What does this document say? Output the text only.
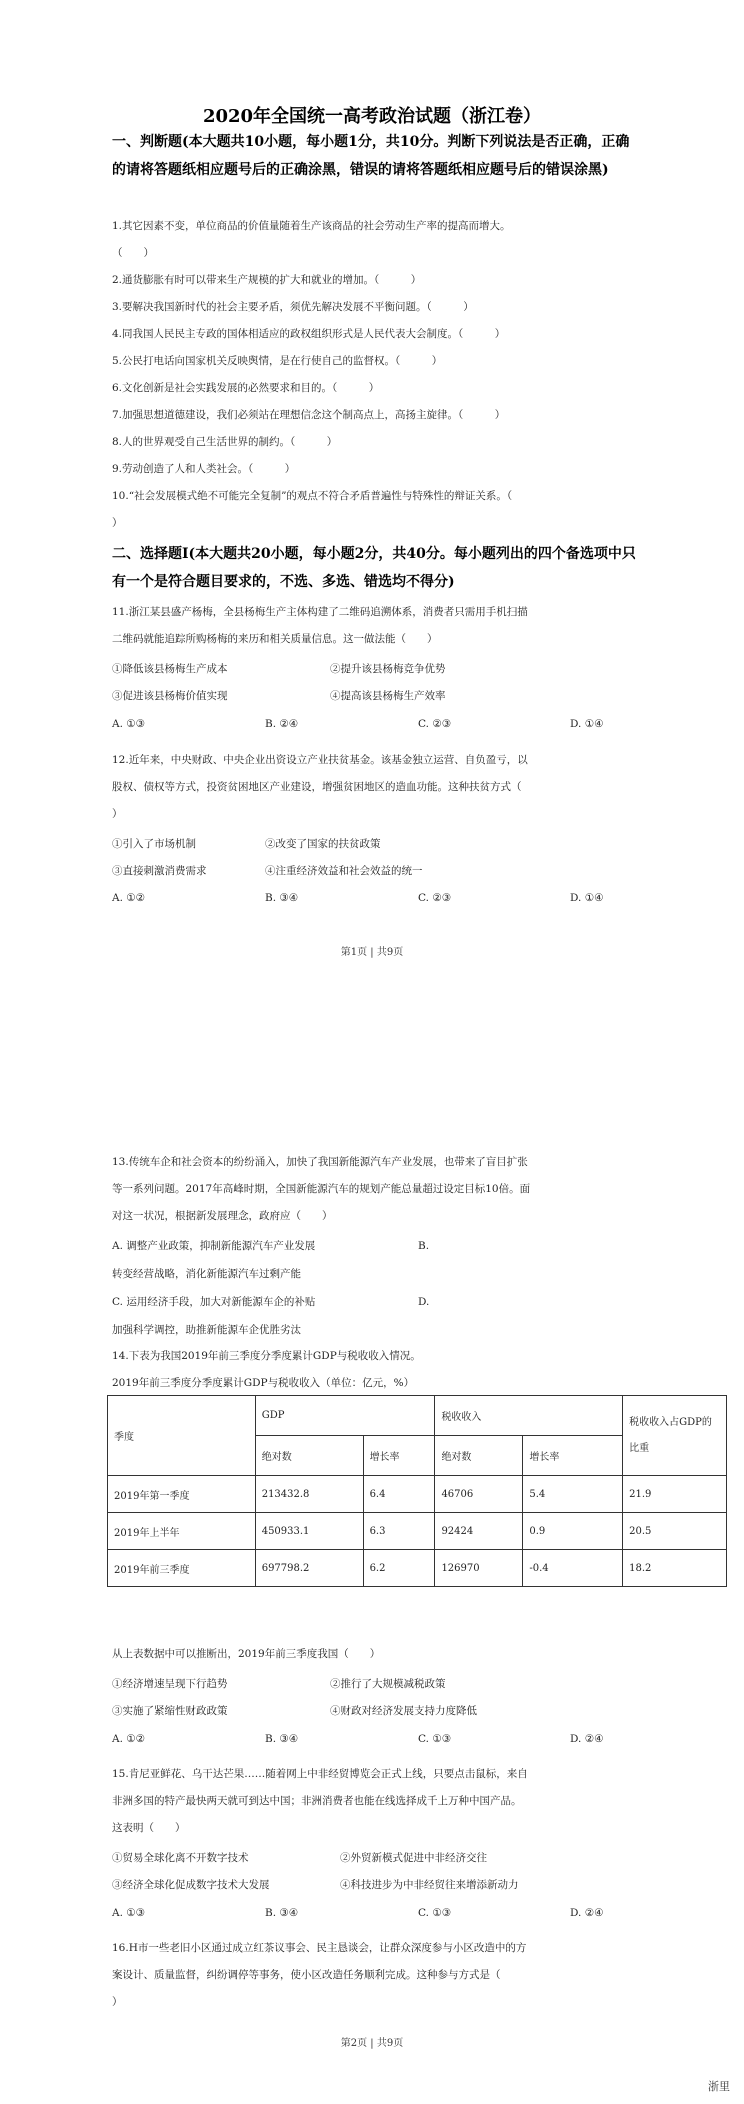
2020年全国统一高考政治试题（浙江卷）
一、判断题(本大题共10小题，每小题1分，共10分。判断下列说法是否正确，正确的请将答题纸相应题号后的正确涂黑，错误的请将答题纸相应题号后的错误涂黑)
1.其它因素不变，单位商品的价值量随着生产该商品的社会劳动生产率的提高而增大。
（　　）
2.通货膨胀有时可以带来生产规模的扩大和就业的增加。（　　　）
3.要解决我国新时代的社会主要矛盾，须优先解决发展不平衡问题。（　　　）
4.同我国人民民主专政的国体相适应的政权组织形式是人民代表大会制度。（　　　）
5.公民打电话向国家机关反映舆情，是在行使自己的监督权。（　　　）
6.文化创新是社会实践发展的必然要求和目的。（　　　）
7.加强思想道德建设，我们必须站在理想信念这个制高点上，高扬主旋律。（　　　）
8.人的世界观受自己生活世界的制约。（　　　）
9.劳动创造了人和人类社会。（　　　）
10.“社会发展模式绝不可能完全复制”的观点不符合矛盾普遍性与特殊性的辩证关系。（
）
二、选择题Ⅰ(本大题共20小题，每小题2分，共40分。每小题列出的四个备选项中只有一个是符合题目要求的，不选、多选、错选均不得分)
11.浙江某县盛产杨梅，全县杨梅生产主体构建了二维码追溯体系，消费者只需用手机扫描
二维码就能追踪所购杨梅的来历和相关质量信息。这一做法能（　　）
①降低该县杨梅生产成本	②提升该县杨梅竞争优势
③促进该县杨梅价值实现	④提高该县杨梅生产效率
A. ①③	B. ②④	C. ②③	D. ①④
12.近年来，中央财政、中央企业出资设立产业扶贫基金。该基金独立运营、自负盈亏，以
股权、债权等方式，投资贫困地区产业建设，增强贫困地区的造血功能。这种扶贫方式（
）
①引入了市场机制	②改变了国家的扶贫政策
③直接刺激消费需求	④注重经济效益和社会效益的统一
A. ①②	B. ③④	C. ②③	D. ①④
第1页 | 共9页
13.传统车企和社会资本的纷纷涌入，加快了我国新能源汽车产业发展，也带来了盲目扩张
等一系列问题。2017年高峰时期，全国新能源汽车的规划产能总量超过设定目标10倍。面
对这一状况，根据新发展理念，政府应（　　）
A. 调整产业政策，抑制新能源汽车产业发展	B.
转变经营战略，消化新能源汽车过剩产能
C. 运用经济手段，加大对新能源车企的补贴	D.
加强科学调控，助推新能源车企优胜劣汰
14.下表为我国2019年前三季度分季度累计GDP与税收收入情况。
2019年前三季度分季度累计GDP与税收收入（单位：亿元，%）
季度	GDP		税收收入		税收收入占GDP的比重
	绝对数	增长率	绝对数	增长率	
2019年第一季度	213432.8	6.4	46706	5.4	21.9
2019年上半年	450933.1	6.3	92424	0.9	20.5
2019年前三季度	697798.2	6.2	126970	-0.4	18.2
从上表数据中可以推断出，2019年前三季度我国（　　）
①经济增速呈现下行趋势	②推行了大规模减税政策
③实施了紧缩性财政政策	④财政对经济发展支持力度降低
A. ①②	B. ③④	C. ①③	D. ②④
15.肯尼亚鲜花、乌干达芒果……随着网上中非经贸博览会正式上线，只要点击鼠标，来自
非洲多国的特产最快两天就可到达中国；非洲消费者也能在线选择成千上万种中国产品。
这表明（　　）
①贸易全球化离不开数字技术	②外贸新模式促进中非经济交往
③经济全球化促成数字技术大发展	④科技进步为中非经贸往来增添新动力
A. ①③	B. ③④	C. ①③	D. ②④
16.H市一些老旧小区通过成立红茶议事会、民主恳谈会，让群众深度参与小区改造中的方
案设计、质量监督，纠纷调停等事务，使小区改造任务顺利完成。这种参与方式是（
）
第2页 | 共9页
浙里
